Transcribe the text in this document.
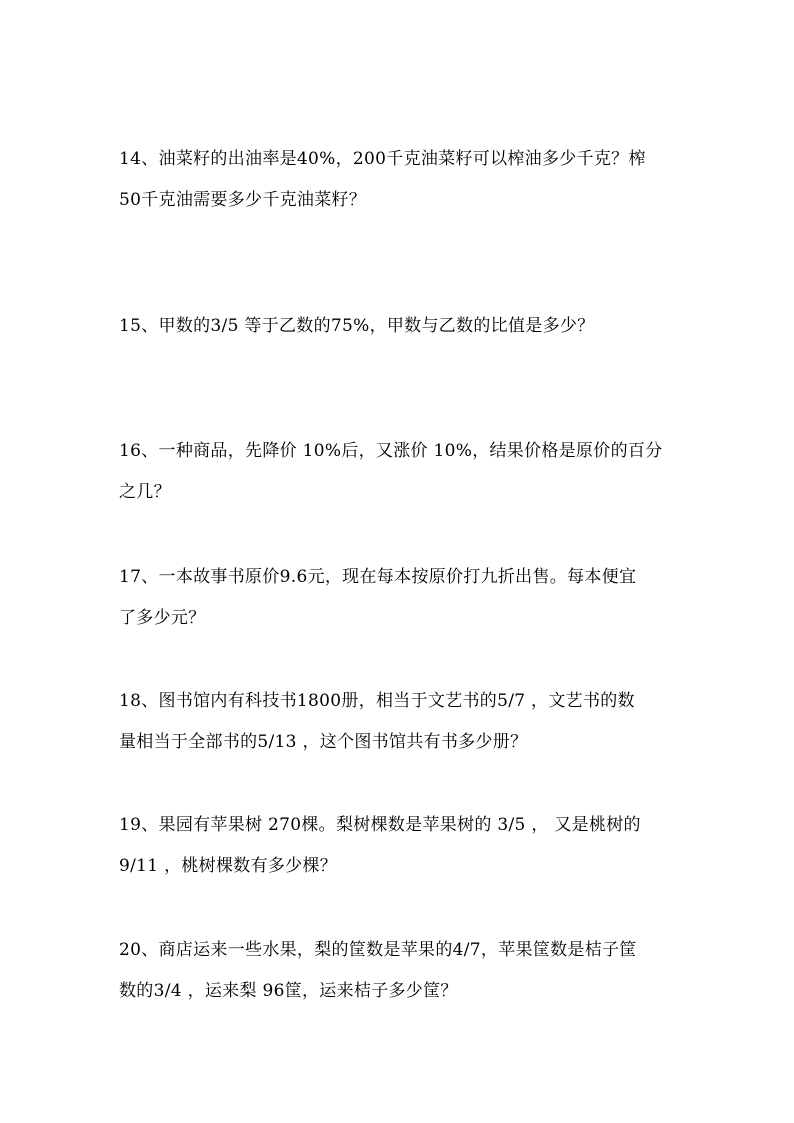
14、油菜籽的出油率是40%，200千克油菜籽可以榨油多少千克？榨
50千克油需要多少千克油菜籽？
15、甲数的3/5 等于乙数的75%，甲数与乙数的比值是多少？
16、一种商品，先降价 10%后，又涨价 10%，结果价格是原价的百分
之几？
17、一本故事书原价9.6元，现在每本按原价打九折出售。每本便宜
了多少元？
18、图书馆内有科技书1800册，相当于文艺书的5/7 ，文艺书的数
量相当于全部书的5/13 ，这个图书馆共有书多少册？
19、果园有苹果树 270棵。梨树棵数是苹果树的 3/5 ， 又是桃树的
9/11 ，桃树棵数有多少棵？
20、商店运来一些水果，梨的筐数是苹果的4/7，苹果筐数是桔子筐
数的3/4 ，运来梨 96筐，运来桔子多少筐？
